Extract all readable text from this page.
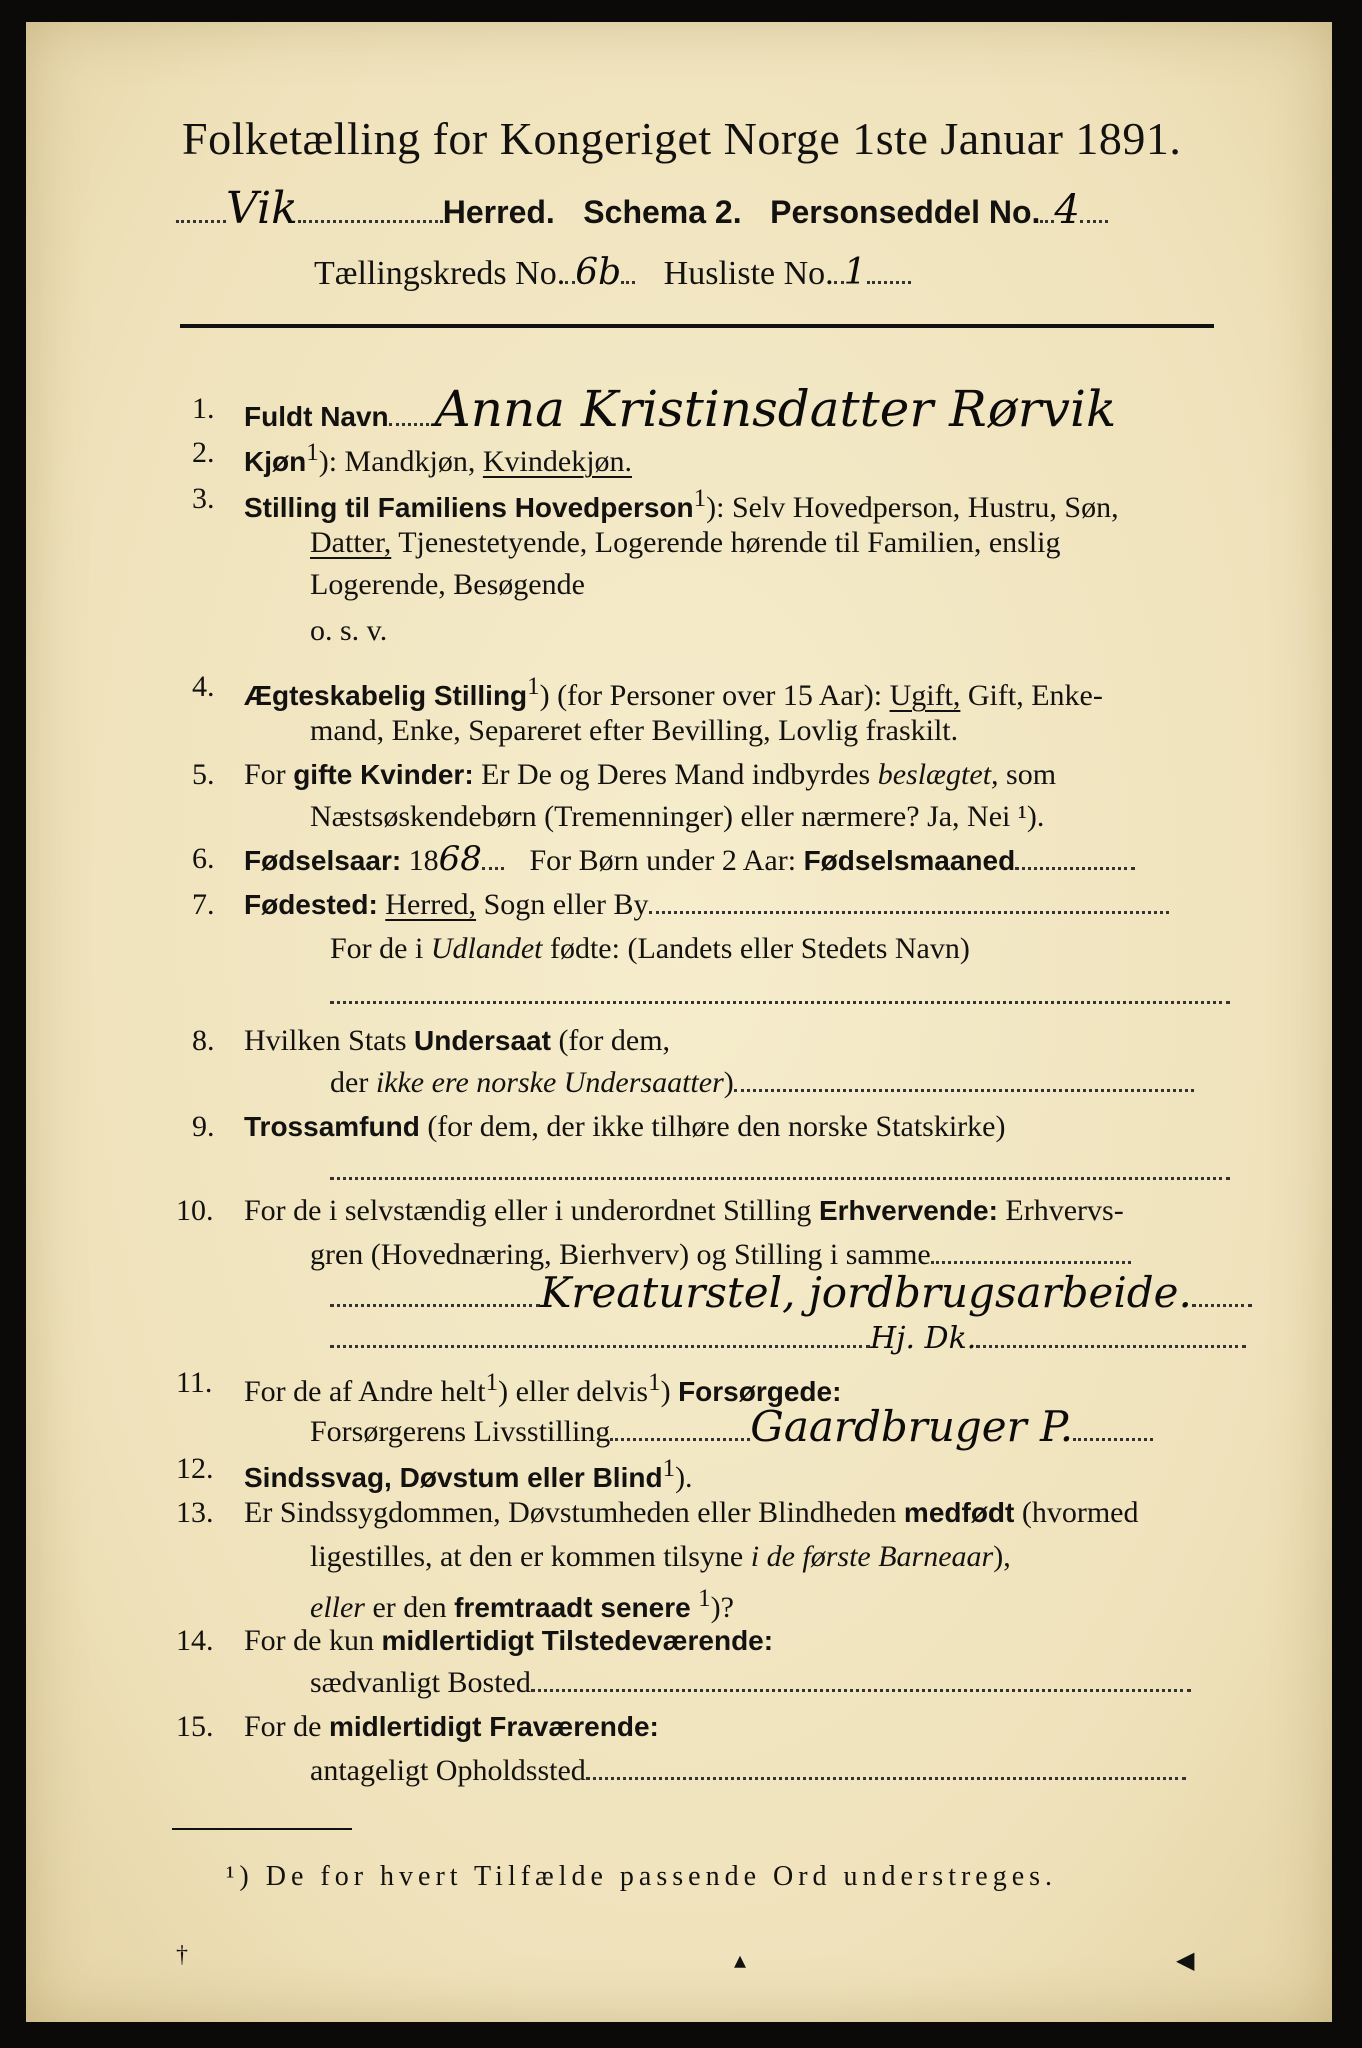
Folketælling for Kongeriget Norge 1ste Januar 1891.
Vik	Herred. Schema 2. Personseddel No. 4
Tællingskreds No. 6b Husliste No. 1
1. Fuldt Navn Anna Kristinsdatter Rørvik
2. Kjøn$^1$): Mandkjøn, Kvindekjøn.
3. Stilling til Familiens Hovedperson$^1$): Selv Hovedperson, Hustru, Søn,
Datter, Tjenestetyende, Logerende hørende til Familien, enslig
Logerende, Besøgende
o. s. v.
4. Ægteskabelig Stilling$^1$) (for Personer over 15 Aar): Ugift, Gift, Enke-
mand, Enke, Separeret efter Bevilling, Lovlig fraskilt.
5. For gifte Kvinder: Er De og Deres Mand indbyrdes beslægtet, som
Næstsøskendebørn (Tremenninger) eller nærmere? Ja, Nei ¹).
6. Fødselsaar: 1868 For Børn under 2 Aar: Fødselsmaaned
7. Fødested: Herred, Sogn eller By
For de i Udlandet fødte: (Landets eller Stedets Navn)
8. Hvilken Stats Undersaat (for dem,
der ikke ere norske Undersaatter)
9. Trossamfund (for dem, der ikke tilhøre den norske Statskirke)
10. For de i selvstændig eller i underordnet Stilling Erhvervende: Erhvervs-
gren (Hovednæring, Bierhverv) og Stilling i samme
Kreaturstel, jordbrugsarbeide.
Hj. Dk.
11. For de af Andre helt$^1$) eller delvis$^1$) Forsørgede:
Forsørgerens Livsstilling	Gaardbruger P.
12. Sindssvag, Døvstum eller Blind$^1$).
13. Er Sindssygdommen, Døvstumheden eller Blindheden medfødt (hvormed
ligestilles, at den er kommen tilsyne i de første Barneaar),
eller er den fremtraadt senere $^1$)?
14. For de kun midlertidigt Tilstedeværende:
sædvanligt Bosted
15. For de midlertidigt Fraværende:
antageligt Opholdssted
¹) De for hvert Tilfælde passende Ord understreges.
†	▴	◀
